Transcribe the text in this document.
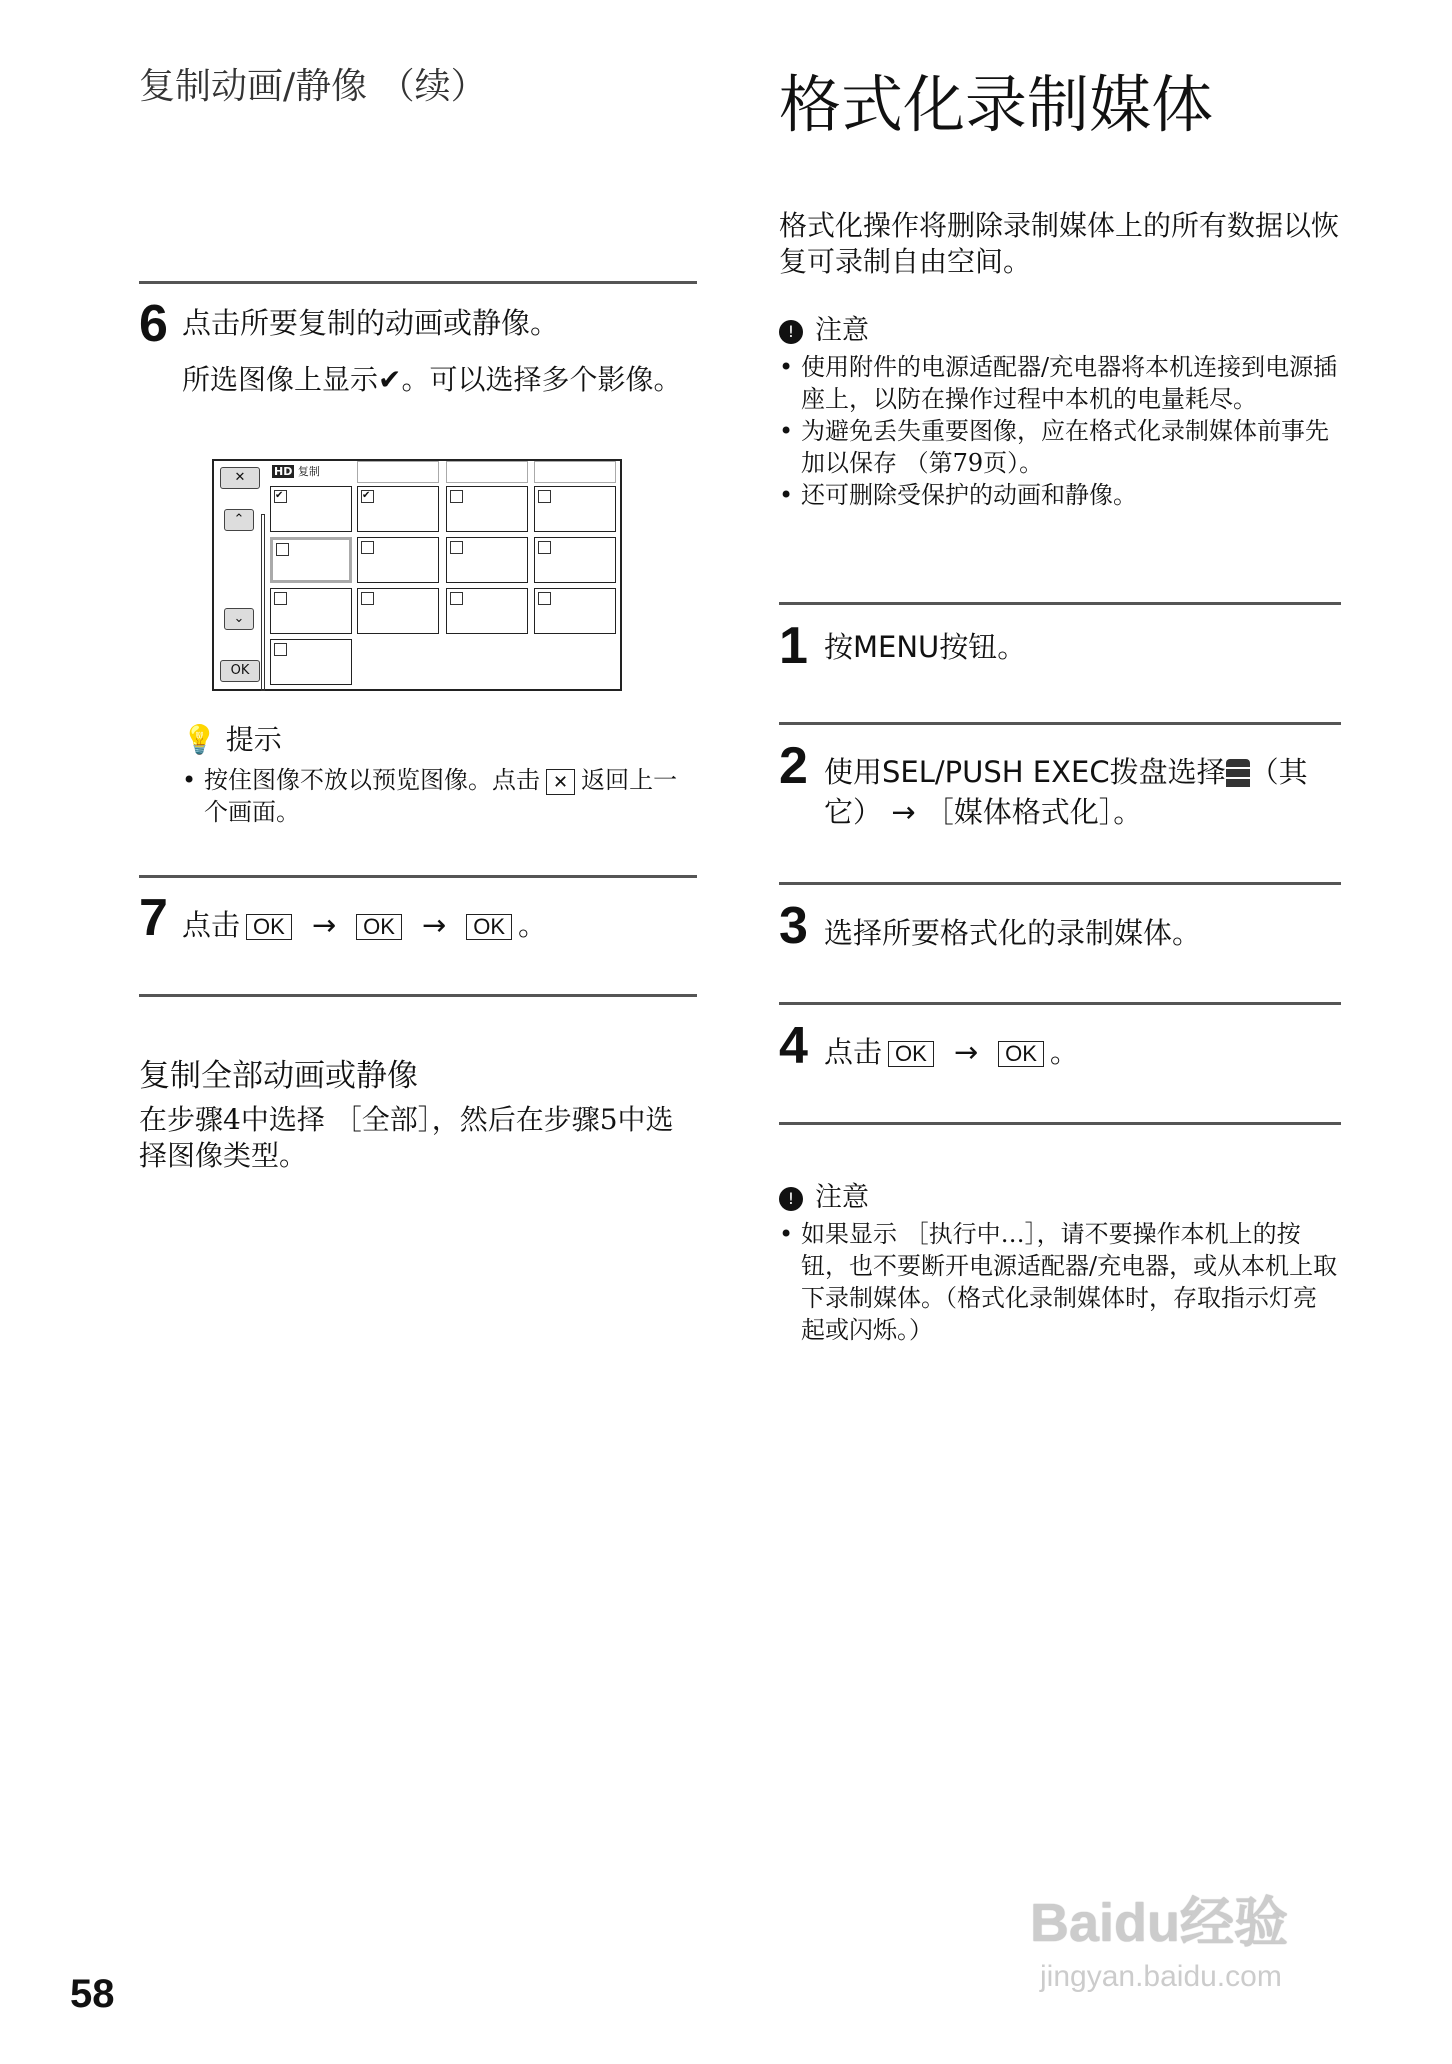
复制动画/静像 （续）	格式化录制媒体
6 点击所要复制的动画或静像。
所选图像上显示✔。可以选择多个影像。
✕
⌃
⌄
OK
HD 复制
✔	✔
💡 提示
• 按住图像不放以预览图像。点击 ✕ 返回上一个画面。
7 点击 OK → OK → OK 。
复制全部动画或静像
在步骤4中选择 ［全部］，然后在步骤5中选择图像类型。
格式化操作将删除录制媒体上的所有数据以恢复可录制自由空间。
! 注意
• 使用附件的电源适配器/充电器将本机连接到电源插座上，以防在操作过程中本机的电量耗尽。
• 为避免丢失重要图像，应在格式化录制媒体前事先加以保存 （第79页）。
• 还可删除受保护的动画和静像。
1 按MENU按钮。
2 使用SEL/PUSH EXEC拨盘选择 （其它） → ［媒体格式化］。
3 选择所要格式化的录制媒体。
4 点击 OK → OK 。
! 注意
• 如果显示 ［执行中…］，请不要操作本机上的按钮，也不要断开电源适配器/充电器，或从本机上取下录制媒体。（格式化录制媒体时，存取指示灯亮起或闪烁。）
58
Baidu经验
jingyan.baidu.com
